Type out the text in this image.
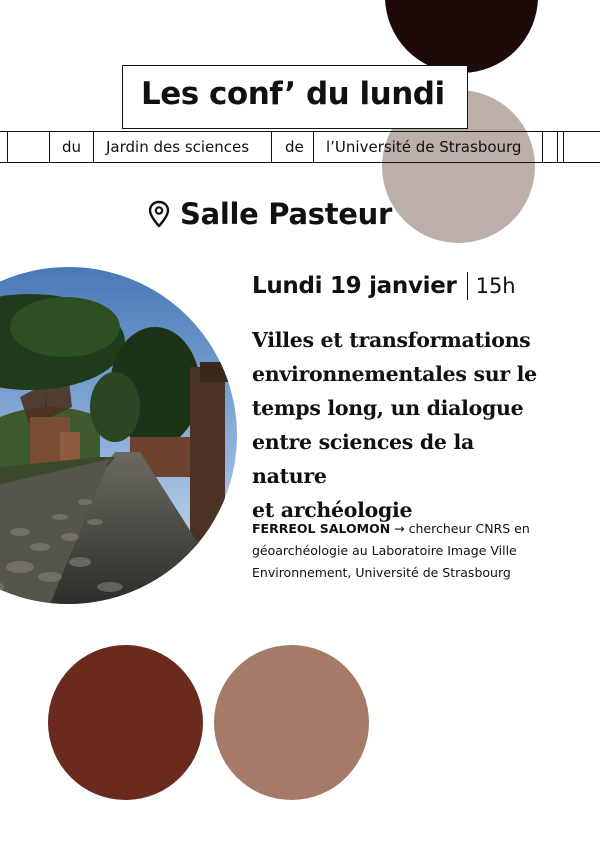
du Jardin des sciences de l’Université de Strasbourg
Les conf’ du lundi
Salle Pasteur
Lundi 19 janvier 15h
Villes et transformations
environnementales sur le
temps long, un dialogue
entre sciences de la nature
et archéologie
FERREOL SALOMON → chercheur CNRS en
géoarchéologie au Laboratoire Image Ville
Environnement, Université de Strasbourg
